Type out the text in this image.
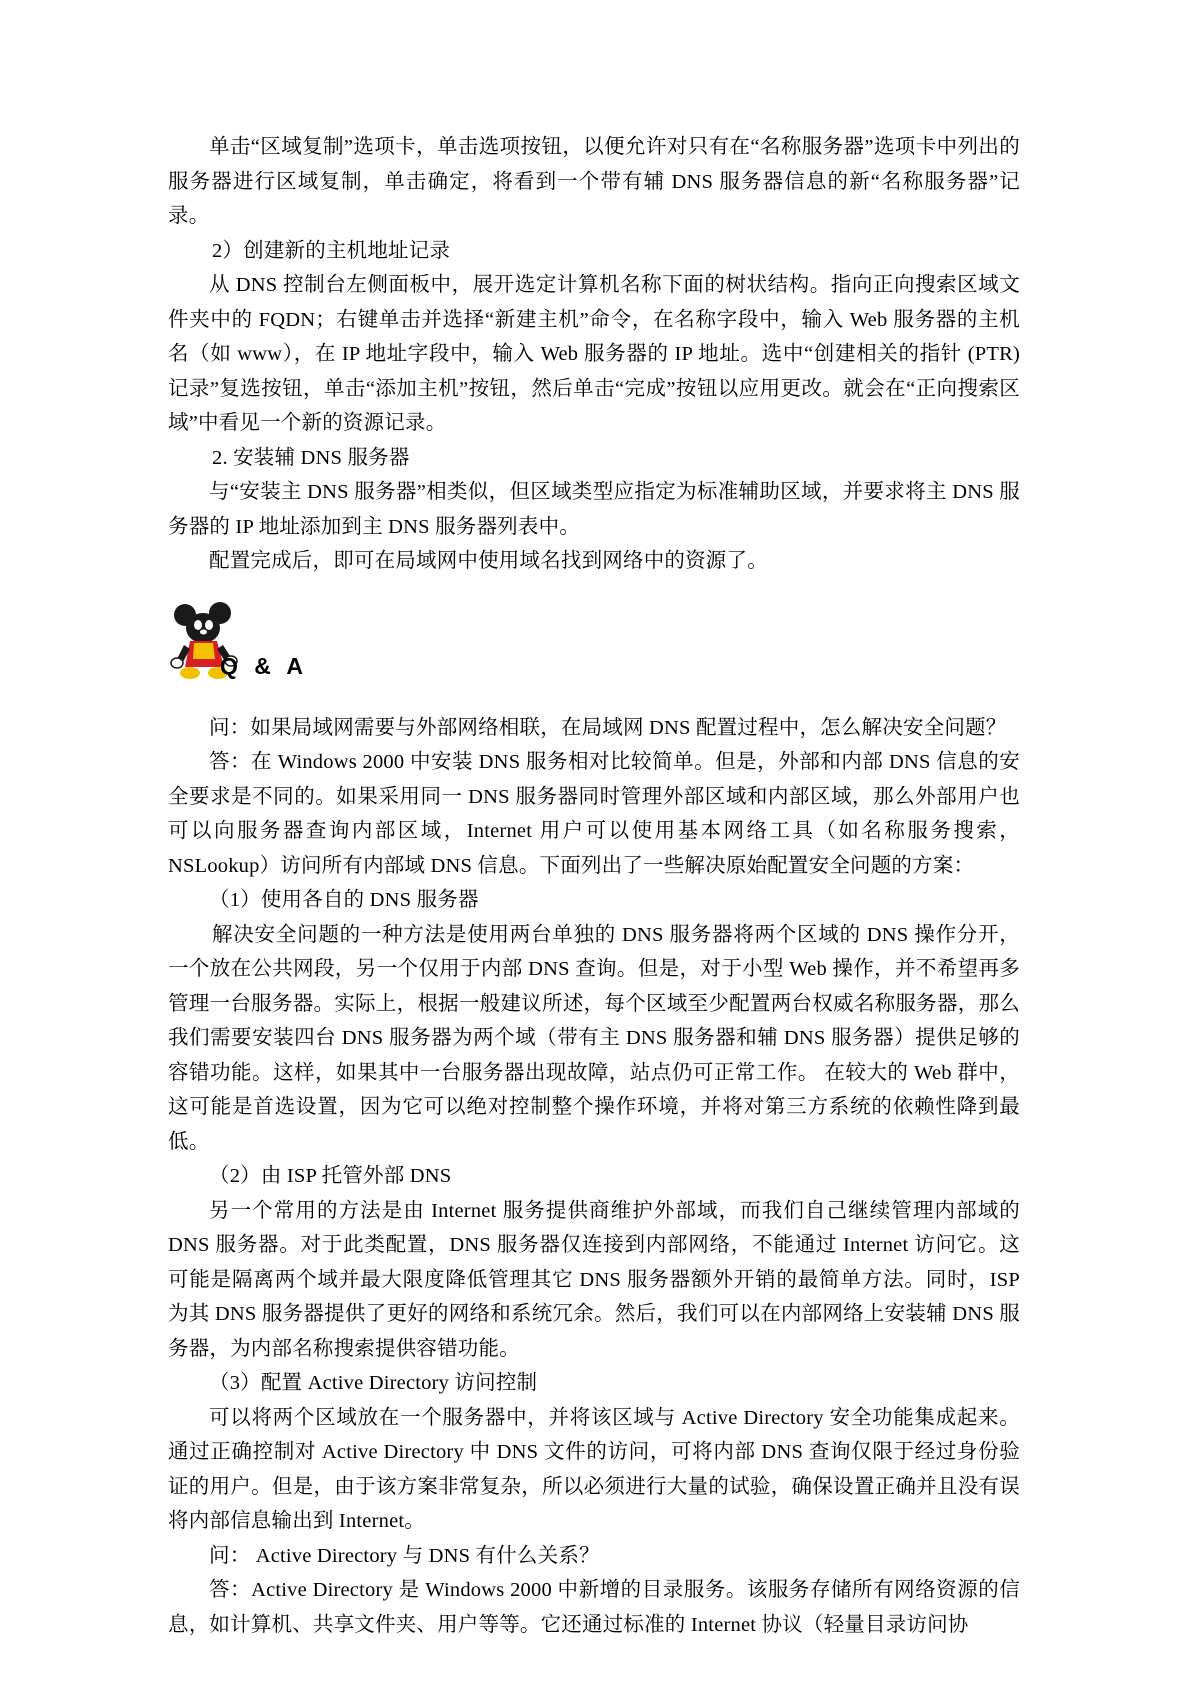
单击“区域复制”选项卡，单击选项按钮，以便允许对只有在“名称服务器”选项卡中列出的服务器进行区域复制，单击确定，将看到一个带有辅 DNS 服务器信息的新“名称服务器”记录。

2）创建新的主机地址记录

从 DNS 控制台左侧面板中，展开选定计算机名称下面的树状结构。指向正向搜索区域文件夹中的 FQDN；右键单击并选择“新建主机”命令，在名称字段中，输入 Web 服务器的主机名（如 www），在 IP 地址字段中，输入 Web 服务器的 IP 地址。选中“创建相关的指针 (PTR) 记录”复选按钮，单击“添加主机”按钮，然后单击“完成”按钮以应用更改。就会在“正向搜索区域”中看见一个新的资源记录。

2. 安装辅 DNS 服务器

与“安装主 DNS 服务器”相类似，但区域类型应指定为标准辅助区域，并要求将主 DNS 服务器的 IP 地址添加到主 DNS 服务器列表中。

配置完成后，即可在局域网中使用域名找到网络中的资源了。

Q & A

问：如果局域网需要与外部网络相联，在局域网 DNS 配置过程中，怎么解决安全问题？

答：在 Windows 2000 中安装 DNS 服务相对比较简单。但是，外部和内部 DNS 信息的安全要求是不同的。如果采用同一 DNS 服务器同时管理外部区域和内部区域，那么外部用户也可以向服务器查询内部区域，Internet 用户可以使用基本网络工具（如名称服务搜索，NSLookup）访问所有内部域 DNS 信息。下面列出了一些解决原始配置安全问题的方案：

（1）使用各自的 DNS 服务器

解决安全问题的一种方法是使用两台单独的 DNS 服务器将两个区域的 DNS 操作分开，一个放在公共网段，另一个仅用于内部 DNS 查询。但是，对于小型 Web 操作，并不希望再多管理一台服务器。实际上，根据一般建议所述，每个区域至少配置两台权威名称服务器，那么我们需要安装四台 DNS 服务器为两个域（带有主 DNS 服务器和辅 DNS 服务器）提供足够的容错功能。这样，如果其中一台服务器出现故障，站点仍可正常工作。 在较大的 Web 群中，这可能是首选设置，因为它可以绝对控制整个操作环境，并将对第三方系统的依赖性降到最低。

（2）由 ISP 托管外部 DNS

另一个常用的方法是由 Internet 服务提供商维护外部域，而我们自己继续管理内部域的 DNS 服务器。对于此类配置，DNS 服务器仅连接到内部网络，不能通过 Internet 访问它。这可能是隔离两个域并最大限度降低管理其它 DNS 服务器额外开销的最简单方法。同时，ISP 为其 DNS 服务器提供了更好的网络和系统冗余。然后，我们可以在内部网络上安装辅 DNS 服务器，为内部名称搜索提供容错功能。

（3）配置 Active Directory 访问控制

可以将两个区域放在一个服务器中，并将该区域与 Active Directory 安全功能集成起来。通过正确控制对 Active Directory 中 DNS 文件的访问，可将内部 DNS 查询仅限于经过身份验证的用户。但是，由于该方案非常复杂，所以必须进行大量的试验，确保设置正确并且没有误将内部信息输出到 Internet。

问： Active Directory 与 DNS 有什么关系？

答：Active Directory 是 Windows 2000 中新增的目录服务。该服务存储所有网络资源的信息，如计算机、共享文件夹、用户等等。它还通过标准的 Internet 协议（轻量目录访问协
